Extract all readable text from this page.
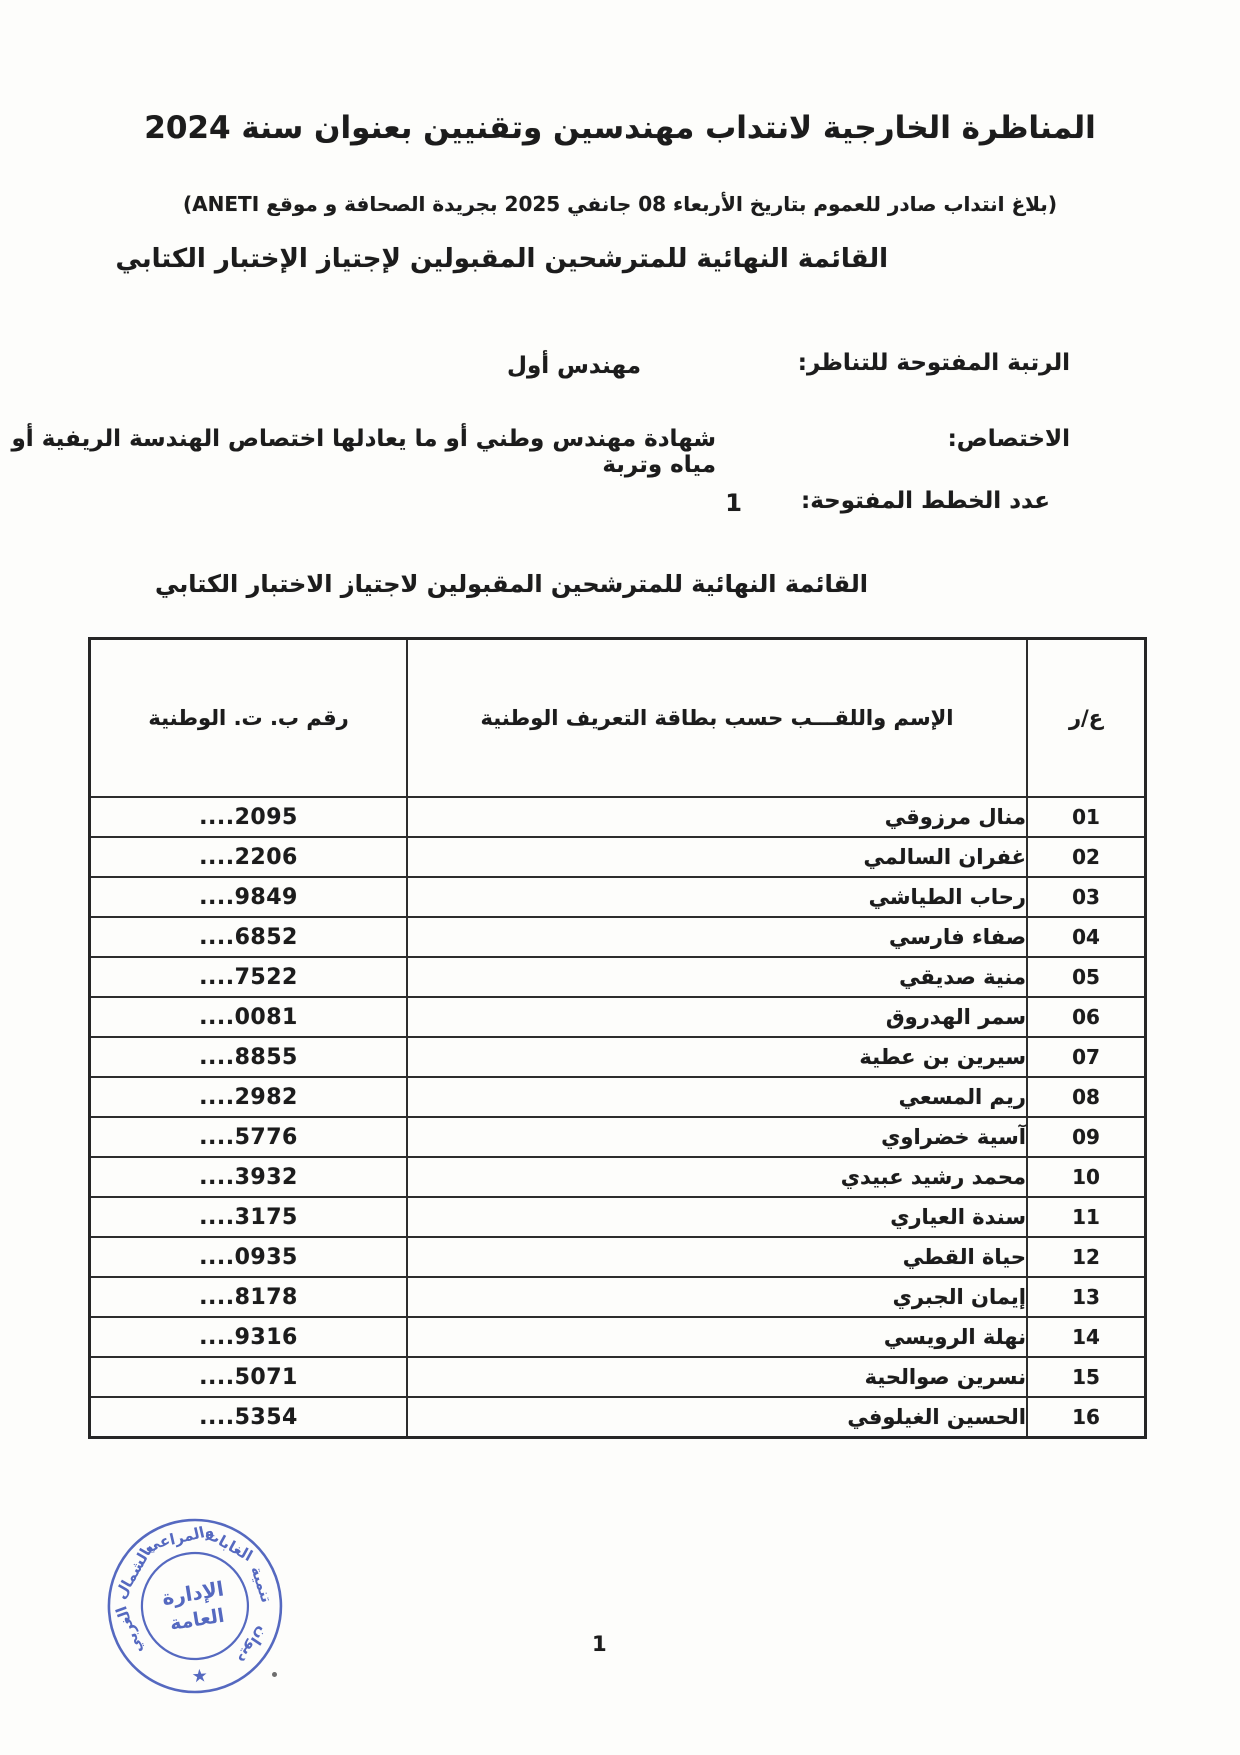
المناظرة الخارجية لانتداب مهندسين وتقنيين بعنوان سنة 2024
(بلاغ انتداب صادر للعموم بتاريخ الأربعاء 08 جانفي 2025 بجريدة الصحافة و موقع ANETI)
القائمة النهائية للمترشحين المقبولين لإجتياز الإختبار الكتابي
الرتبة المفتوحة للتناظر:
مهندس أول
الاختصاص:
شهادة مهندس وطني أو ما يعادلها اختصاص الهندسة الريفية أو مياه وتربة
عدد الخطط المفتوحة:
1
القائمة النهائية للمترشحين المقبولين لاجتياز الاختبار الكتابي
ع/ر	الإسم واللقـــب حسب بطاقة التعريف الوطنية	رقم ب. ت. الوطنية
01	منال مرزوقي	....2095
02	غفران السالمي	....2206
03	رحاب الطياشي	....9849
04	صفاء فارسي	....6852
05	منية صديقي	....7522
06	سمر الهدروق	....0081
07	سيرين بن عطية	....8855
08	ريم المسعي	....2982
09	آسية خضراوي	....5776
10	محمد رشيد عبيدي	....3932
11	سندة العياري	....3175
12	حياة القطي	....0935
13	إيمان الجبري	....8178
14	نهلة الرويسي	....9316
15	نسرين صوالحية	....5071
16	الحسين الغيلوفي	....5354
ديوان
تنمية
الغابات
والمراعي
بالشمال
الغربي
★
الإدارة
العامة
1
